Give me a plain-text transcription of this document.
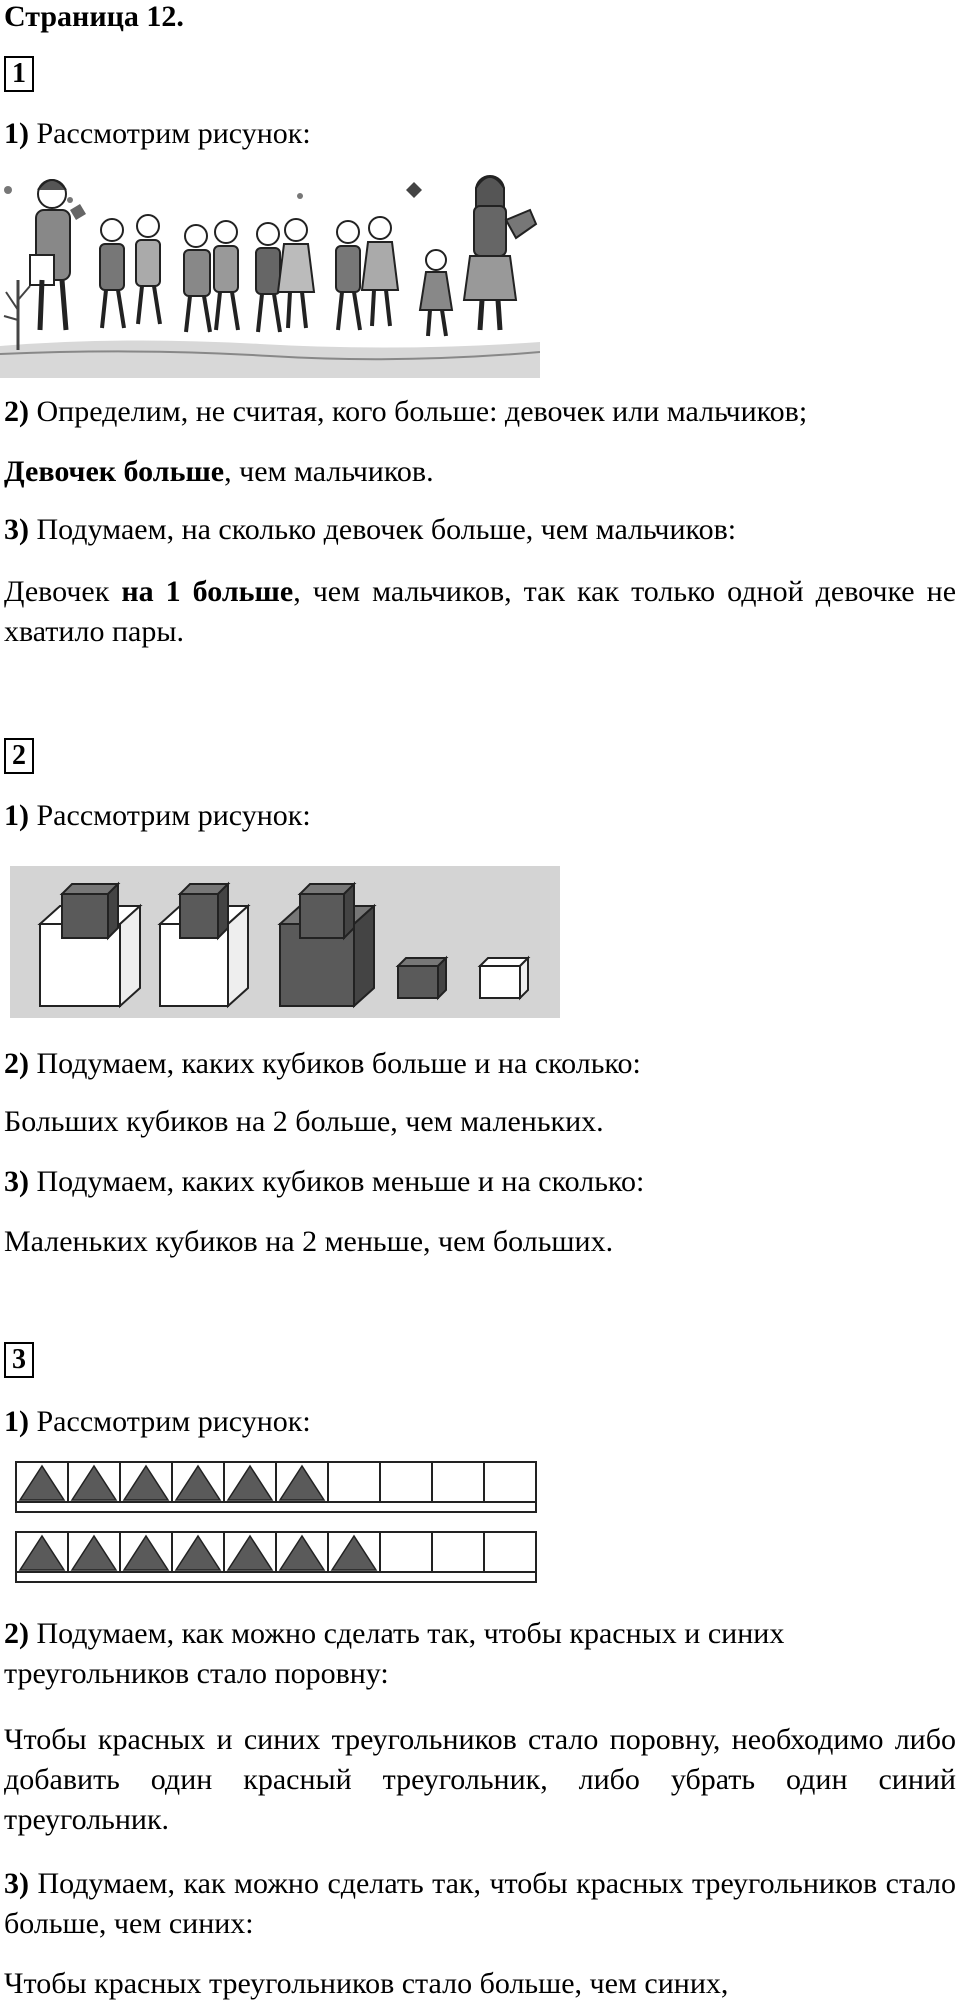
Страница 12.
1

1) Рассмотрим рисунок:

2) Определим, не считая, кого больше: девочек или мальчиков;

Девочек больше, чем мальчиков.

3) Подумаем, на сколько девочек больше, чем мальчиков:

Девочек на 1 больше, чем мальчиков, так как только одной девочке не хватило пары.

2

1) Рассмотрим рисунок:

2) Подумаем, каких кубиков больше и на сколько:

Больших кубиков на 2 больше, чем маленьких.

3) Подумаем, каких кубиков меньше и на сколько:

Маленьких кубиков на 2 меньше, чем больших.

3

1) Рассмотрим рисунок:

2) Подумаем, как можно сделать так, чтобы красных и синих треугольников стало поровну:

Чтобы красных и синих треугольников стало поровну, необходимо либо добавить один красный треугольник, либо убрать один синий треугольник.

3) Подумаем, как можно сделать так, чтобы красных треугольников стало больше, чем синих:

Чтобы красных треугольников стало больше, чем синих,
